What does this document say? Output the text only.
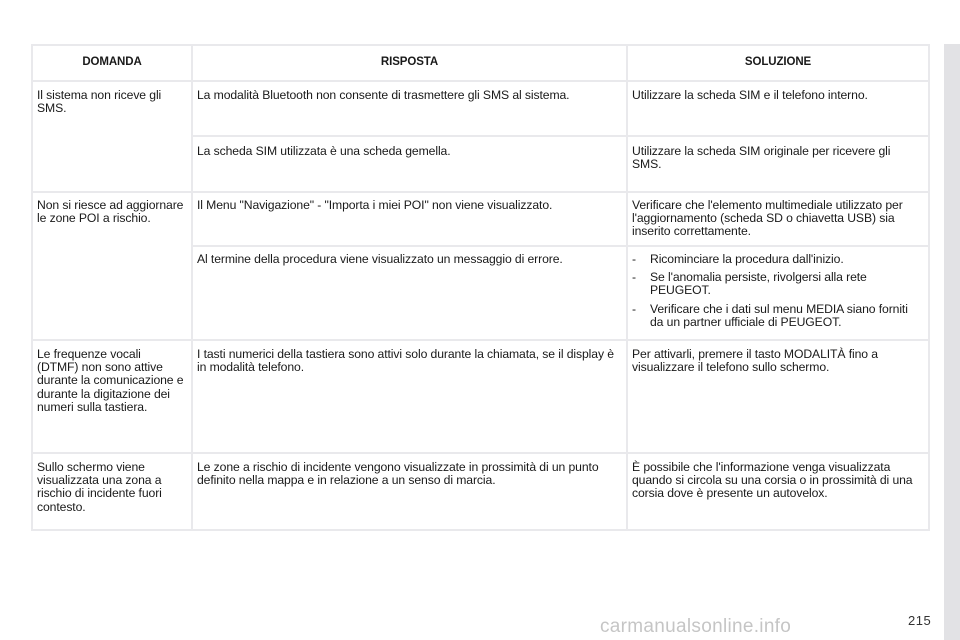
DOMANDA	RISPOSTA	SOLUZIONE
Il sistema non riceve gli SMS.
La modalità Bluetooth non consente di trasmettere gli SMS al sistema.	Utilizzare la scheda SIM e il telefono interno.
La scheda SIM utilizzata è una scheda gemella.	Utilizzare la scheda SIM originale per ricevere gli SMS.
Non si riesce ad aggiornare le zone POI a rischio.
Il Menu "Navigazione" - "Importa i miei POI" non viene visualizzato.	Verificare che l'elemento multimediale utilizzato per l'aggiornamento (scheda SD o chiavetta USB) sia inserito correttamente.
Al termine della procedura viene visualizzato un messaggio di errore.
-	Ricominciare la procedura dall'inizio.
- Se l'anomalia persiste, rivolgersi alla rete PEUGEOT.
- Verificare che i dati sul menu MEDIA siano forniti da un partner ufficiale di PEUGEOT.
Le frequenze vocali (DTMF) non sono attive durante la comunicazione e durante la digitazione dei numeri sulla tastiera.
I tasti numerici della tastiera sono attivi solo durante la chiamata, se il display è in modalità telefono.
Per attivarli, premere il tasto MODALITÀ fino a visualizzare il telefono sullo schermo.
Sullo schermo viene visualizzata una zona a rischio di incidente fuori contesto.
Le zone a rischio di incidente vengono visualizzate in prossimità di un punto definito nella mappa e in relazione a un senso di marcia.
È possibile che l'informazione venga visualizzata quando si circola su una corsia o in prossimità di una corsia dove è presente un autovelox.
carmanualsonline.info	215
